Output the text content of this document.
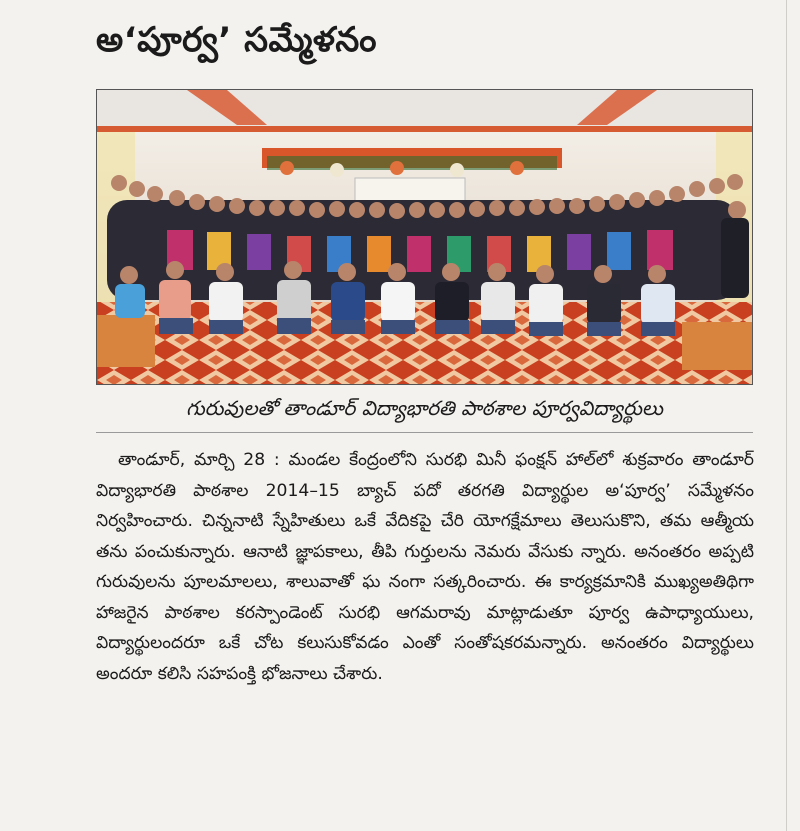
అ‘పూర్వ’ సమ్మేళనం
గురువులతో తాండూర్ విద్యాభారతి పాఠశాల పూర్వవిద్యార్థులు

తాండూర్, మార్చి 28 : మండల కేంద్రంలోని సురభి మినీ ఫంక్షన్ హాల్‌లో శుక్రవారం తాండూర్ విద్యాభారతి పాఠశాల 2014–15 బ్యాచ్ పదో తరగతి విద్యార్థుల అ‘పూర్వ’ సమ్మేళనం నిర్వహించారు. చిన్ననాటి స్నేహితులు ఒకే వేదికపై చేరి యోగక్షేమాలు తెలుసుకొని, తమ ఆత్మీయ తను పంచుకున్నారు. ఆనాటి జ్ఞాపకాలు, తీపి గుర్తులను నెమరు వేసుకు న్నారు. అనంతరం అప్పటి గురువులను పూలమాలలు, శాలువాతో ఘ నంగా సత్కరించారు. ఈ కార్యక్రమానికి ముఖ్యఅతిథిగా హాజరైన పాఠశాల కరస్పాండెంట్ సురభి ఆగమరావు మాట్లాడుతూ పూర్వ ఉపాధ్యాయులు, విద్యార్థులందరూ ఒకే చోట కలుసుకోవడం ఎంతో సంతోషకరమన్నారు. అనంతరం విద్యార్థులు అందరూ కలిసి సహపంక్తి భోజనాలు చేశారు.
